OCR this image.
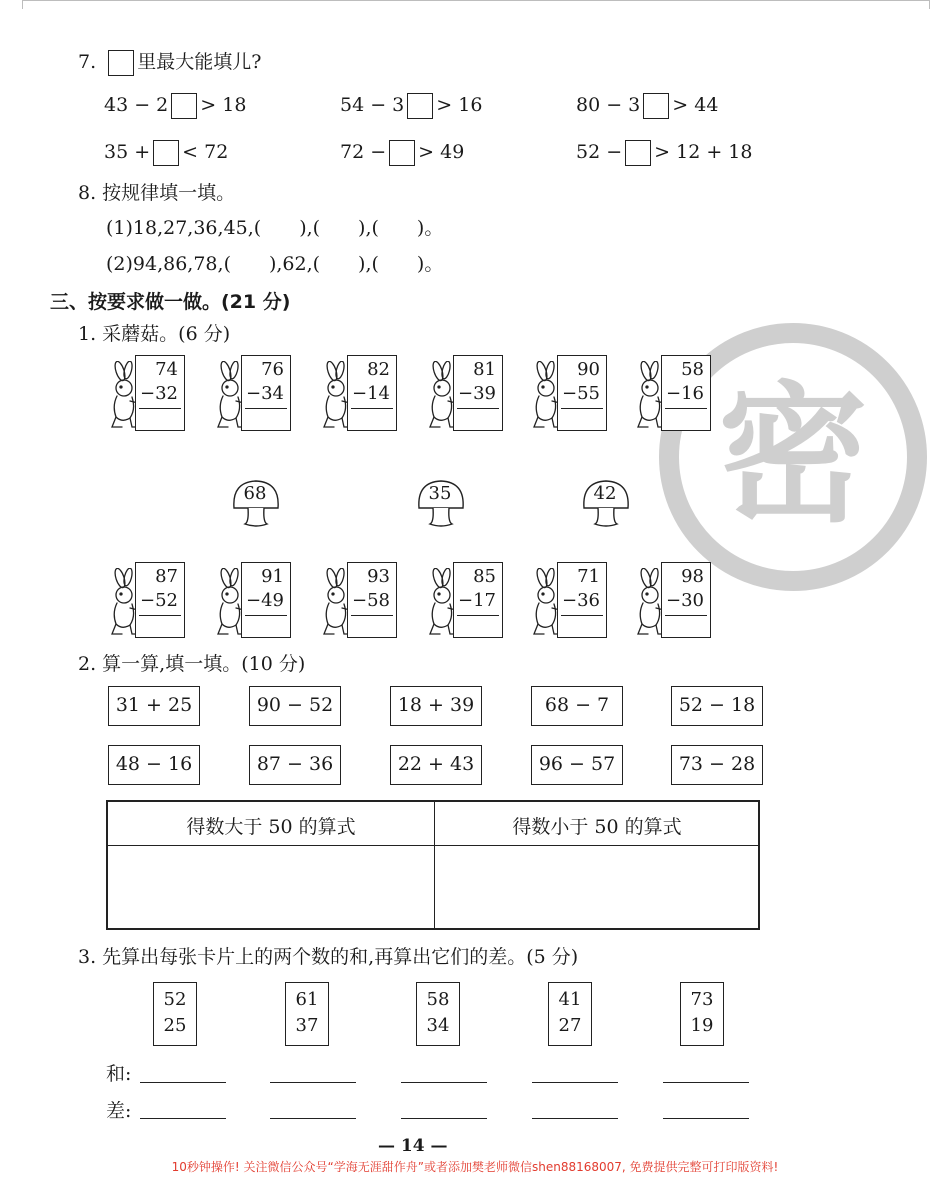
密
7. 里最大能填儿?
43 − 2 > 18	54 − 3 > 16	80 − 3 > 44
35 + < 72	72 − > 49	52 − > 12 + 18
8. 按规律填一填。
(1)18,27,36,45,(　　),(　　),(　　)。
(2)94,86,78,(　　),62,(　　),(　　)。
三、按要求做一做。(21 分)
1. 采蘑菇。(6 分)
74
−32
76
−34
82
−14
81
−39
90
−55
58
−16
87
−52
91
−49
93
−58
85
−17
71
−36
98
−30
68	35	42
2. 算一算,填一填。(10 分)
31 + 25	90 − 52	18 + 39	68 − 7	52 − 18
48 − 16	87 − 36	22 + 43	96 − 57	73 − 28
得数大于 50 的算式	得数小于 50 的算式
3. 先算出每张卡片上的两个数的和,再算出它们的差。(5 分)
52
25
61
37
58
34
41
27
73
19
和:
差:
— 14 —
10秒钟操作! 关注微信公众号“学海无涯甜作舟”或者添加樊老师微信shen88168007, 免费提供完整可打印版资料!
